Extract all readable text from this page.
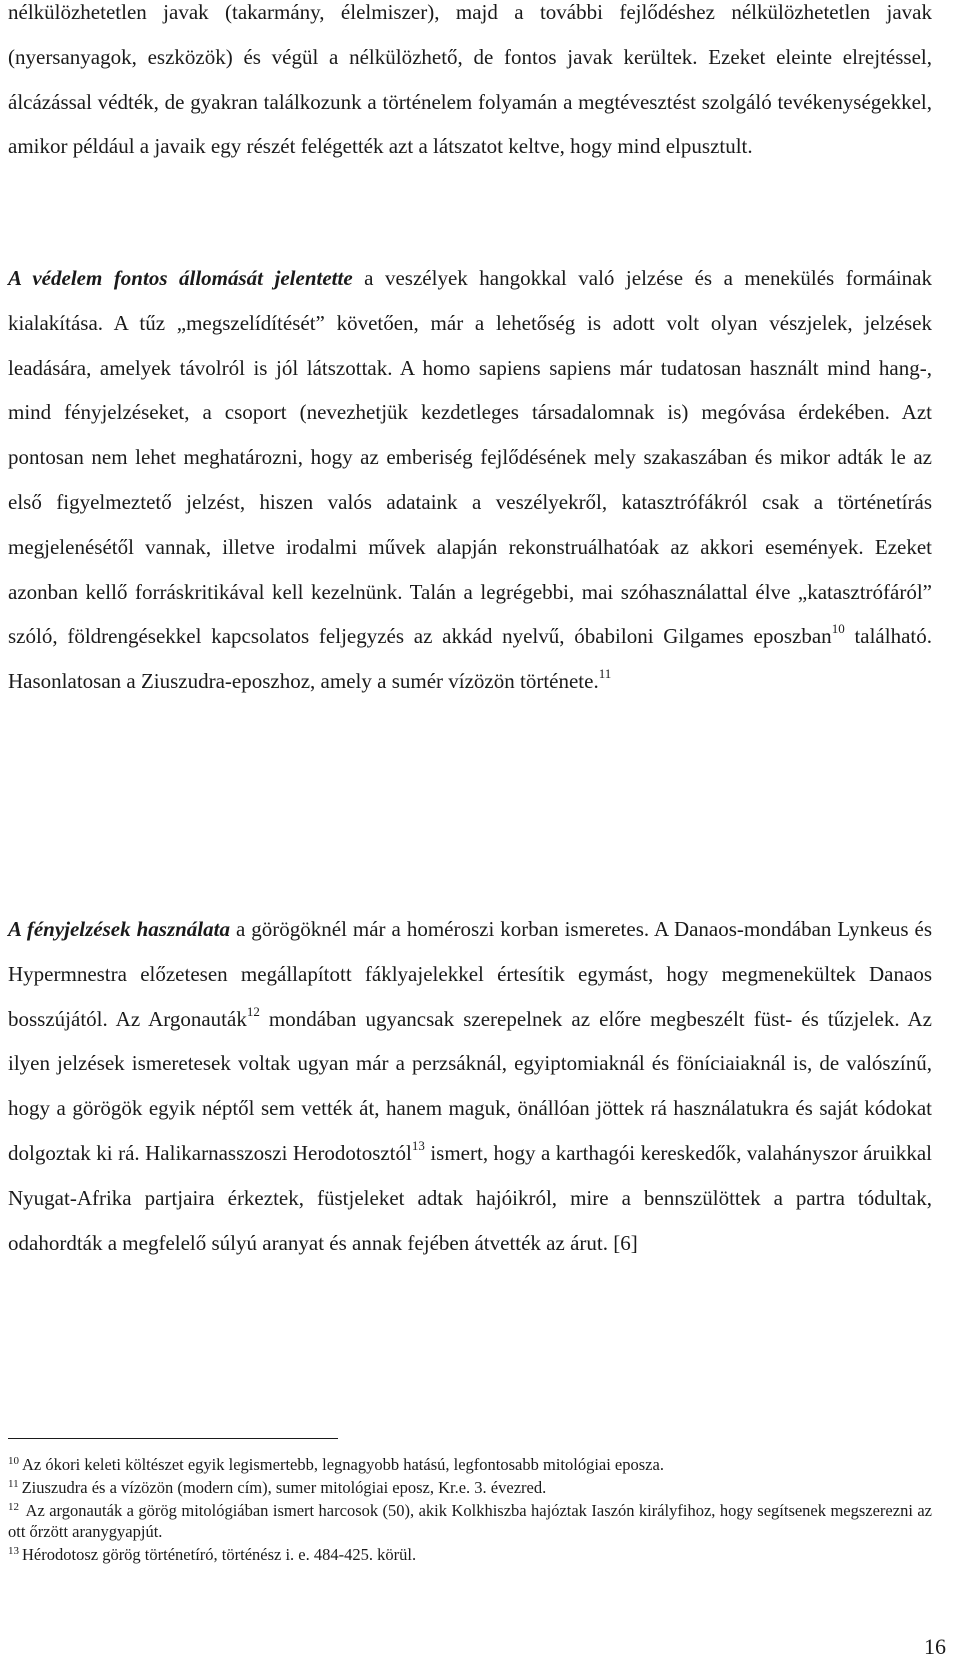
nélkülözhetetlen javak (takarmány, élelmiszer), majd a további fejlődéshez nélkülözhetetlen javak (nyersanyagok, eszközök) és végül a nélkülözhető, de fontos javak kerültek. Ezeket eleinte elrejtéssel, álcázással védték, de gyakran találkozunk a történelem folyamán a megtévesztést szolgáló tevékenységekkel, amikor például a javaik egy részét felégették azt a látszatot keltve, hogy mind elpusztult.

A védelem fontos állomását jelentette a veszélyek hangokkal való jelzése és a menekülés formáinak kialakítása. A tűz „megszelídítését” követően, már a lehetőség is adott volt olyan vészjelek, jelzések leadására, amelyek távolról is jól látszottak. A homo sapiens sapiens már tudatosan használt mind hang-, mind fényjelzéseket, a csoport (nevezhetjük kezdetleges társadalomnak is) megóvása érdekében. Azt pontosan nem lehet meghatározni, hogy az emberiség fejlődésének mely szakaszában és mikor adták le az első figyelmeztető jelzést, hiszen valós adataink a veszélyekről, katasztrófákról csak a történetírás megjelenésétől vannak, illetve irodalmi művek alapján rekonstruálhatóak az akkori események. Ezeket azonban kellő forráskritikával kell kezelnünk. Talán a legrégebbi, mai szóhasználattal élve „katasztrófáról” szóló, földrengésekkel kapcsolatos feljegyzés az akkád nyelvű, óbabiloni Gilgames eposzban$^{10}$ található. Hasonlatosan a Ziuszudra-eposzhoz, amely a sumér vízözön története.$^{11}$

A fényjelzések használata a görögöknél már a homéroszi korban ismeretes. A Danaos-mondában Lynkeus és Hypermnestra előzetesen megállapított fáklyajelekkel értesítik egymást, hogy megmenekültek Danaos bosszújától. Az Argonauták$^{12}$ mondában ugyancsak szerepelnek az előre megbeszélt füst- és tűzjelek. Az ilyen jelzések ismeretesek voltak ugyan már a perzsáknál, egyiptomiaknál és föníciaiaknál is, de valószínű, hogy a görögök egyik néptől sem vették át, hanem maguk, önállóan jöttek rá használatukra és saját kódokat dolgoztak ki rá. Halikarnasszoszi Herodotosztól$^{13}$ ismert, hogy a karthagói kereskedők, valahányszor áruikkal Nyugat-Afrika partjaira érkeztek, füstjeleket adtak hajóikról, mire a bennszülöttek a partra tódultak, odahordták a megfelelő súlyú aranyat és annak fejében átvették az árut. [6]

$^{10}$ Az ókori keleti költészet egyik legismertebb, legnagyobb hatású, legfontosabb mitológiai eposza.

$^{11}$ Ziuszudra és a vízözön (modern cím), sumer mitológiai eposz, Kr.e. 3. évezred.

$^{12}$ Az argonauták a görög mitológiában ismert harcosok (50), akik Kolkhiszba hajóztak Iaszón királyfihoz, hogy segítsenek megszerezni az ott őrzött aranygyapjút.

$^{13}$ Hérodotosz görög történetíró, történész i. e. 484-425. körül.

16
